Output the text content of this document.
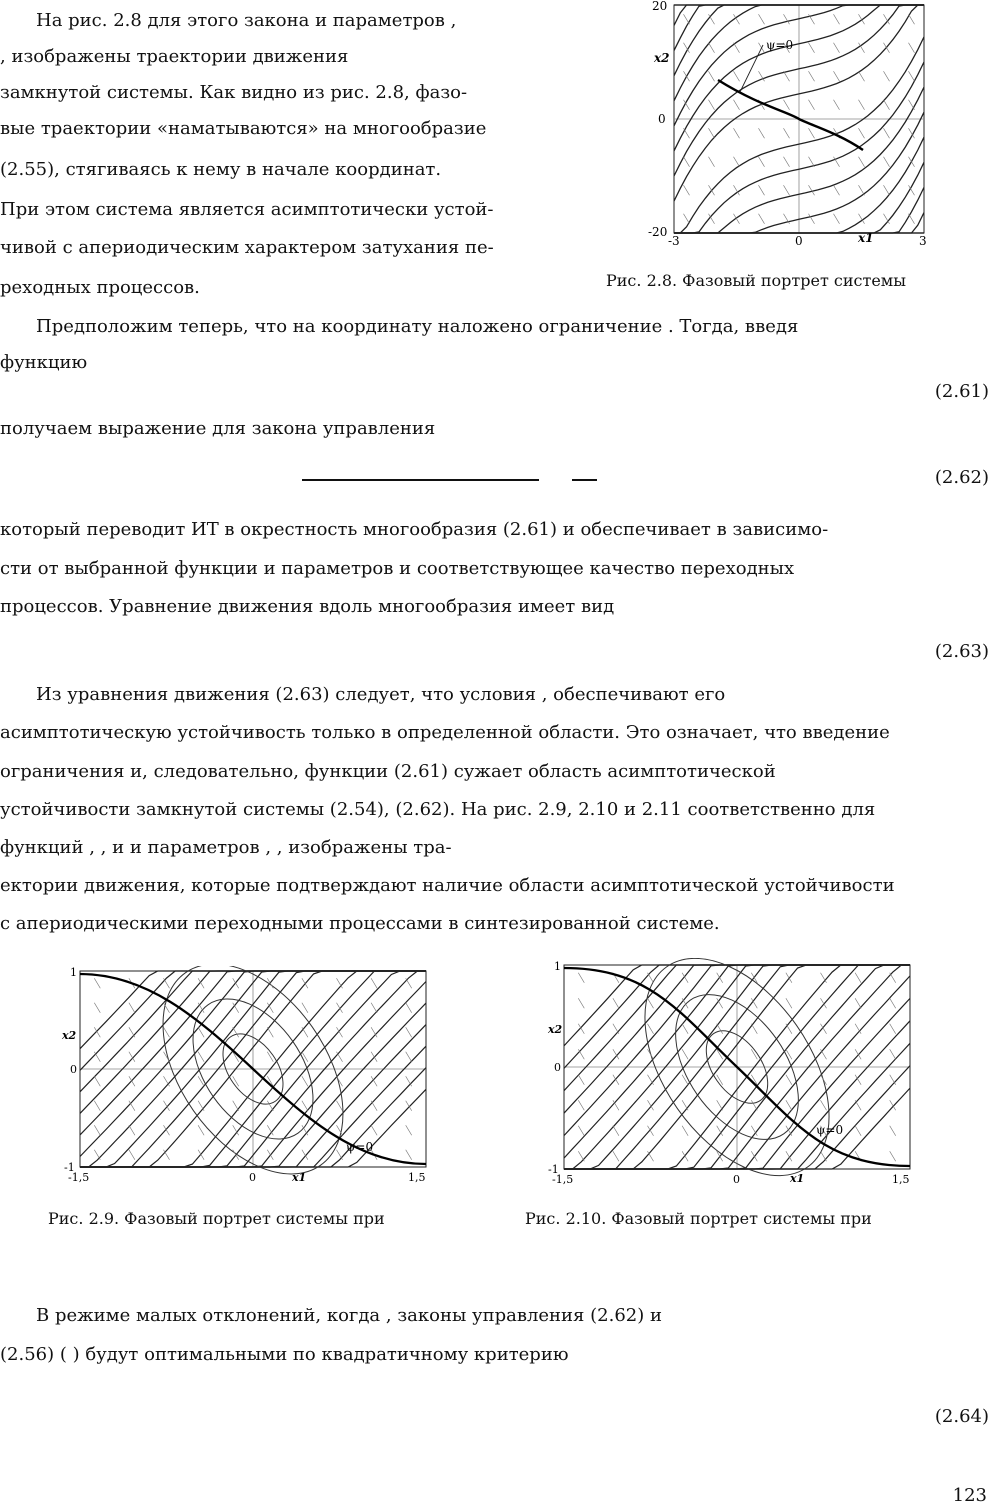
На рис. 2.8 для этого закона и параметров ,
, изображены траектории движения
замкнутой системы. Как видно из рис. 2.8, фазо-
вые траектории «наматываются» на многообразие
(2.55), стягиваясь к нему в начале координат.
При этом система является асимптотически устой-
чивой с апериодическим характером затухания пе-
реходных процессов.
ψ=0
20
0
-20
-3	0	3
x1
x2
Рис. 2.8. Фазовый портрет системы
Предположим теперь, что на координату наложено ограничение . Тогда, введя
функцию
(2.61)
получаем выражение для закона управления
(2.62)
который переводит ИТ в окрестность многообразия (2.61) и обеспечивает в зависимо-
сти от выбранной функции и параметров и соответствующее качество переходных
процессов. Уравнение движения вдоль многообразия имеет вид
(2.63)
Из уравнения движения (2.63) следует, что условия , обеспечивают его
асимптотическую устойчивость только в определенной области. Это означает, что введение
ограничения и, следовательно, функции (2.61) сужает область асимптотической
устойчивости замкнутой системы (2.54), (2.62). На рис. 2.9, 2.10 и 2.11 соответственно для
функций , , и и параметров , , изображены тра-
ектории движения, которые подтверждают наличие области асимптотической устойчивости
с апериодическими переходными процессами в синтезированной системе.
ψ=0
1
0
-1
-1,5	0	1,5
x1
x2
Рис. 2.9. Фазовый портрет системы при
ψ=0
1
0
-1
-1,5	0	1,5
x1
x2
Рис. 2.10. Фазовый портрет системы при
В режиме малых отклонений, когда , законы управления (2.62) и
(2.56) ( ) будут оптимальными по квадратичному критерию
(2.64)
123
